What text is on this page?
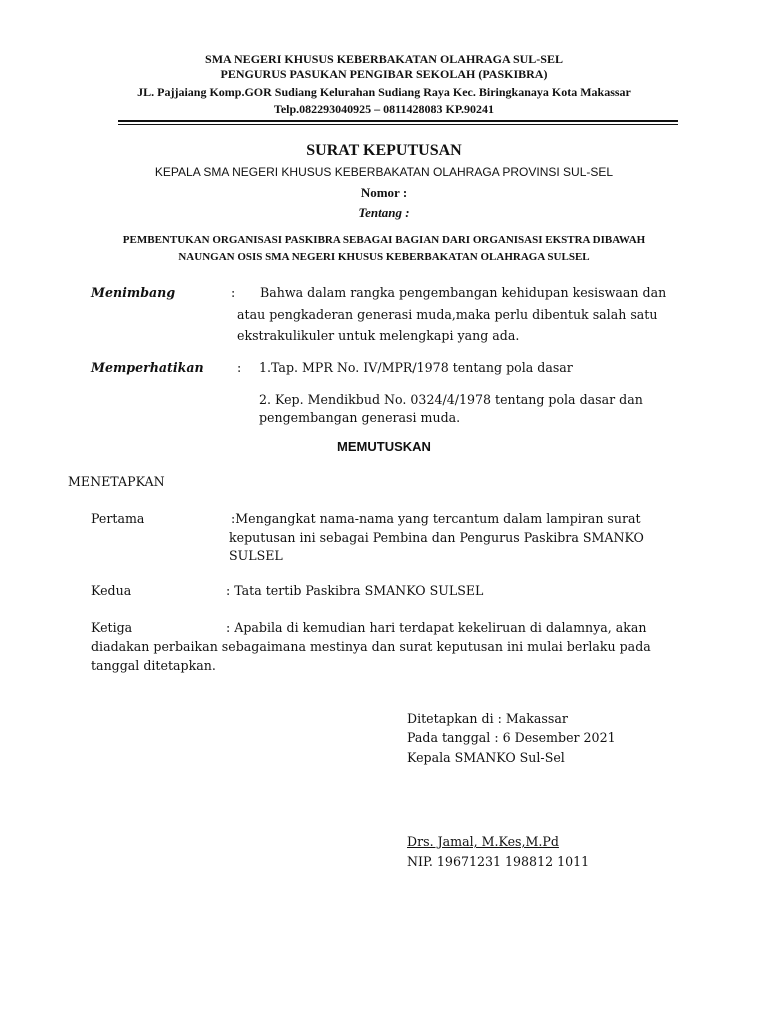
SMA NEGERI KHUSUS KEBERBAKATAN OLAHRAGA SUL-SEL
PENGURUS PASUKAN PENGIBAR SEKOLAH (PASKIBRA)
JL. Pajjaiang Komp.GOR Sudiang Kelurahan Sudiang Raya Kec. Biringkanaya Kota Makassar
Telp.082293040925 – 0811428083 KP.90241
SURAT KEPUTUSAN
KEPALA SMA NEGERI KHUSUS KEBERBAKATAN OLAHRAGA PROVINSI SUL-SEL
Nomor :
Tentang :
PEMBENTUKAN ORGANISASI PASKIBRA SEBAGAI BAGIAN DARI ORGANISASI EKSTRA DIBAWAH
NAUNGAN OSIS SMA NEGERI KHUSUS KEBERBAKATAN OLAHRAGA SULSEL
Menimbang	: Bahwa dalam rangka pengembangan kehidupan kesiswaan dan
atau pengkaderan generasi muda,maka perlu dibentuk salah satu
ekstrakulikuler untuk melengkapi yang ada.
Memperhatikan	: 1.Tap. MPR No. IV/MPR/1978 tentang pola dasar
2. Kep. Mendikbud No. 0324/4/1978 tentang pola dasar dan
pengembangan generasi muda.
MEMUTUSKAN
MENETAPKAN
Pertama	:Mengangkat nama-nama yang tercantum dalam lampiran surat
keputusan ini sebagai Pembina dan Pengurus Paskibra SMANKO
SULSEL
Kedua	: Tata tertib Paskibra SMANKO SULSEL
Ketiga	: Apabila di kemudian hari terdapat kekeliruan di dalamnya, akan
diadakan perbaikan sebagaimana mestinya dan surat keputusan ini mulai berlaku pada
tanggal ditetapkan.
Ditetapkan di : Makassar
Pada tanggal : 6 Desember 2021
Kepala SMANKO Sul-Sel
Drs. Jamal, M.Kes,M.Pd
NIP. 19671231 198812 1011
